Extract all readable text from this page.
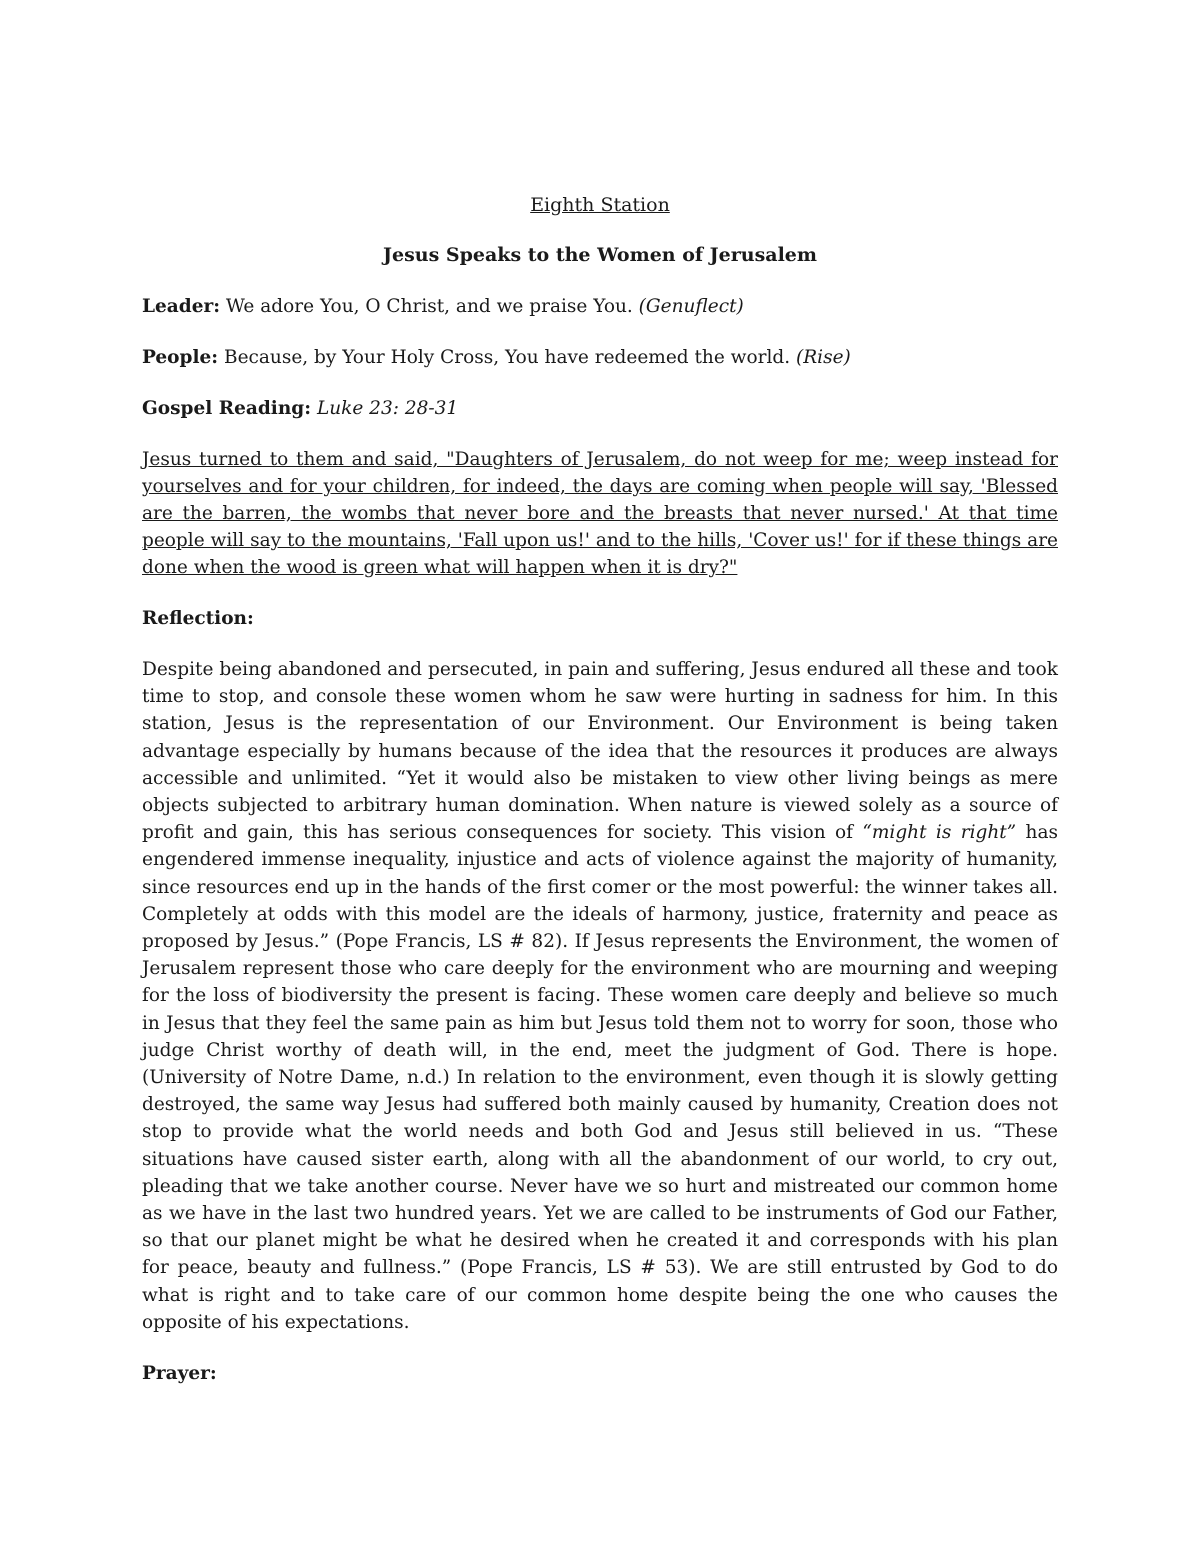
Eighth Station

Jesus Speaks to the Women of Jerusalem

Leader: We adore You, O Christ, and we praise You. (Genuflect)

People: Because, by Your Holy Cross, You have redeemed the world. (Rise)

Gospel Reading: Luke 23: 28-31

Jesus turned to them and said, "Daughters of Jerusalem, do not weep for me; weep instead for yourselves and for your children, for indeed, the days are coming when people will say, 'Blessed are the barren, the wombs that never bore and the breasts that never nursed.' At that time people will say to the mountains, 'Fall upon us!' and to the hills, 'Cover us!' for if these things are done when the wood is green what will happen when it is dry?"

Reflection:

Despite being abandoned and persecuted, in pain and suffering, Jesus endured all these and took time to stop, and console these women whom he saw were hurting in sadness for him. In this station, Jesus is the representation of our Environment. Our Environment is being taken advantage especially by humans because of the idea that the resources it produces are always accessible and unlimited. “Yet it would also be mistaken to view other living beings as mere objects subjected to arbitrary human domination. When nature is viewed solely as a source of profit and gain, this has serious consequences for society. This vision of “might is right” has engendered immense inequality, injustice and acts of violence against the majority of humanity, since resources end up in the hands of the first comer or the most powerful: the winner takes all. Completely at odds with this model are the ideals of harmony, justice, fraternity and peace as proposed by Jesus.” (Pope Francis, LS # 82). If Jesus represents the Environment, the women of Jerusalem represent those who care deeply for the environment who are mourning and weeping for the loss of biodiversity the present is facing. These women care deeply and believe so much in Jesus that they feel the same pain as him but Jesus told them not to worry for soon, those who judge Christ worthy of death will, in the end, meet the judgment of God. There is hope. (University of Notre Dame, n.d.) In relation to the environment, even though it is slowly getting destroyed, the same way Jesus had suffered both mainly caused by humanity, Creation does not stop to provide what the world needs and both God and Jesus still believed in us. “These situations have caused sister earth, along with all the abandonment of our world, to cry out, pleading that we take another course. Never have we so hurt and mistreated our common home as we have in the last two hundred years. Yet we are called to be instruments of God our Father, so that our planet might be what he desired when he created it and corresponds with his plan for peace, beauty and fullness.” (Pope Francis, LS # 53). We are still entrusted by God to do what is right and to take care of our common home despite being the one who causes the opposite of his expectations.

Prayer:
